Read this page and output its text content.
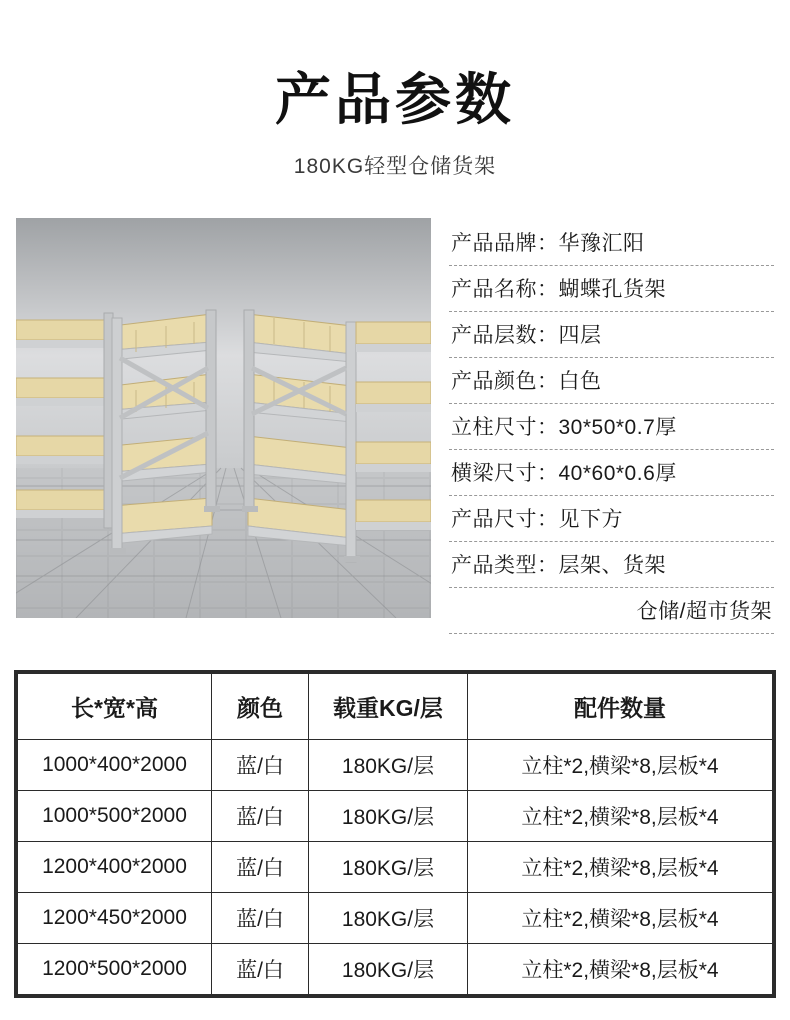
产品参数
180KG轻型仓储货架
产品品牌：华豫汇阳
产品名称：蝴蝶孔货架
产品层数：四层
产品颜色：白色
立柱尺寸：30*50*0.7厚
横梁尺寸：40*60*0.6厚
产品尺寸：见下方
产品类型：层架、货架
仓储/超市货架
长*宽*高	颜色	载重KG/层	配件数量
1000*400*2000	蓝/白	180KG/层	立柱*2,横梁*8,层板*4
1000*500*2000	蓝/白	180KG/层	立柱*2,横梁*8,层板*4
1200*400*2000	蓝/白	180KG/层	立柱*2,横梁*8,层板*4
1200*450*2000	蓝/白	180KG/层	立柱*2,横梁*8,层板*4
1200*500*2000	蓝/白	180KG/层	立柱*2,横梁*8,层板*4
